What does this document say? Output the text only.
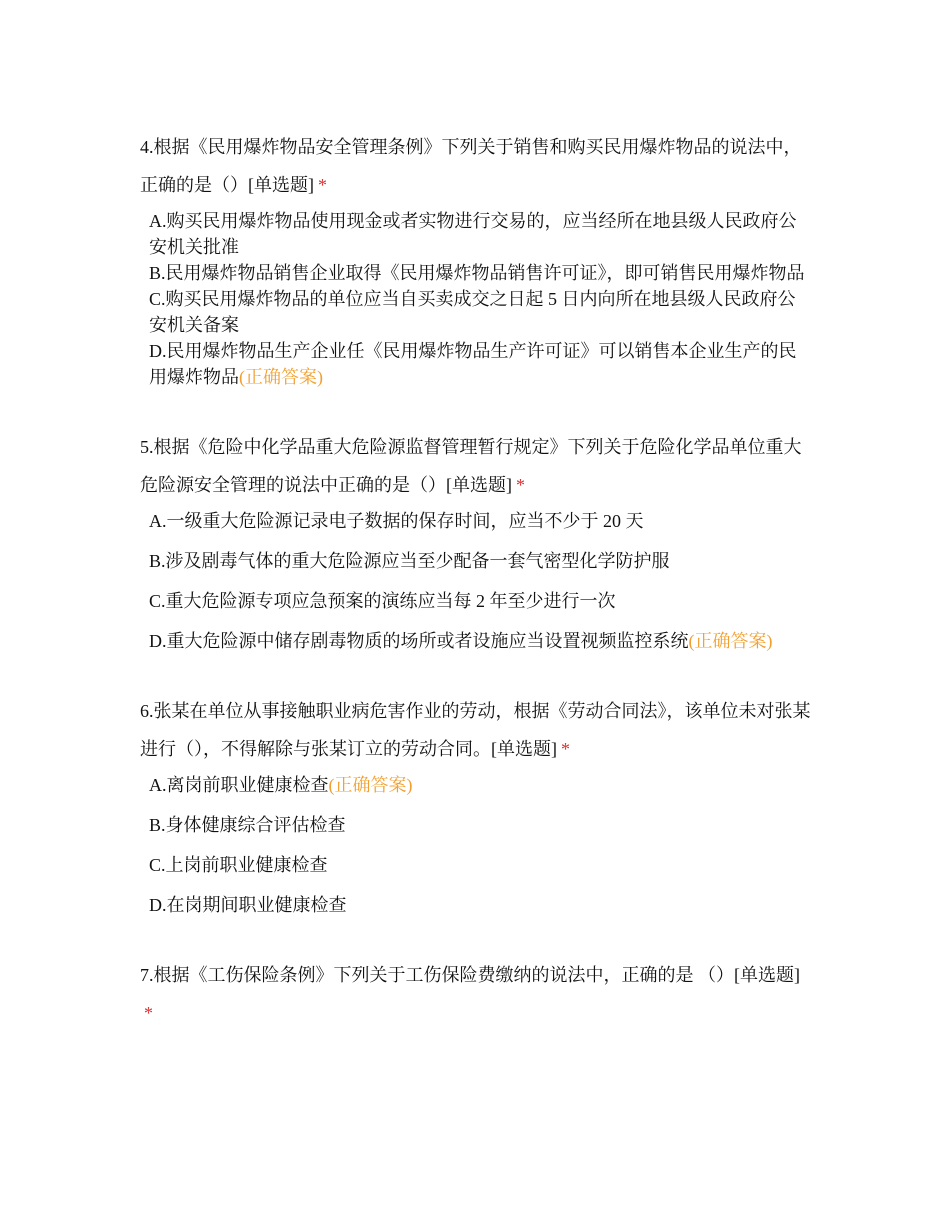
4.根据《民用爆炸物品安全管理条例》下列关于销售和购买民用爆炸物品的说法中，正确的是（）[单选题] *

A.购买民用爆炸物品使用现金或者实物进行交易的，应当经所在地县级人民政府公安机关批准
B.民用爆炸物品销售企业取得《民用爆炸物品销售许可证》，即可销售民用爆炸物品
C.购买民用爆炸物品的单位应当自买卖成交之日起 5 日内向所在地县级人民政府公安机关备案
D.民用爆炸物品生产企业任《民用爆炸物品生产许可证》可以销售本企业生产的民用爆炸物品(正确答案)

5.根据《危险中化学品重大危险源监督管理暂行规定》下列关于危险化学品单位重大危险源安全管理的说法中正确的是（）[单选题] *

A.一级重大危险源记录电子数据的保存时间，应当不少于 20 天
B.涉及剧毒气体的重大危险源应当至少配备一套气密型化学防护服
C.重大危险源专项应急预案的演练应当每 2 年至少进行一次
D.重大危险源中储存剧毒物质的场所或者设施应当设置视频监控系统(正确答案)

6.张某在单位从事接触职业病危害作业的劳动，根据《劳动合同法》，该单位未对张某进行（），不得解除与张某订立的劳动合同。[单选题] *

A.离岗前职业健康检查(正确答案)
B.身体健康综合评估检查
C.上岗前职业健康检查
D.在岗期间职业健康检查

7.根据《工伤保险条例》下列关于工伤保险费缴纳的说法中，正确的是 （）[单选题]*
